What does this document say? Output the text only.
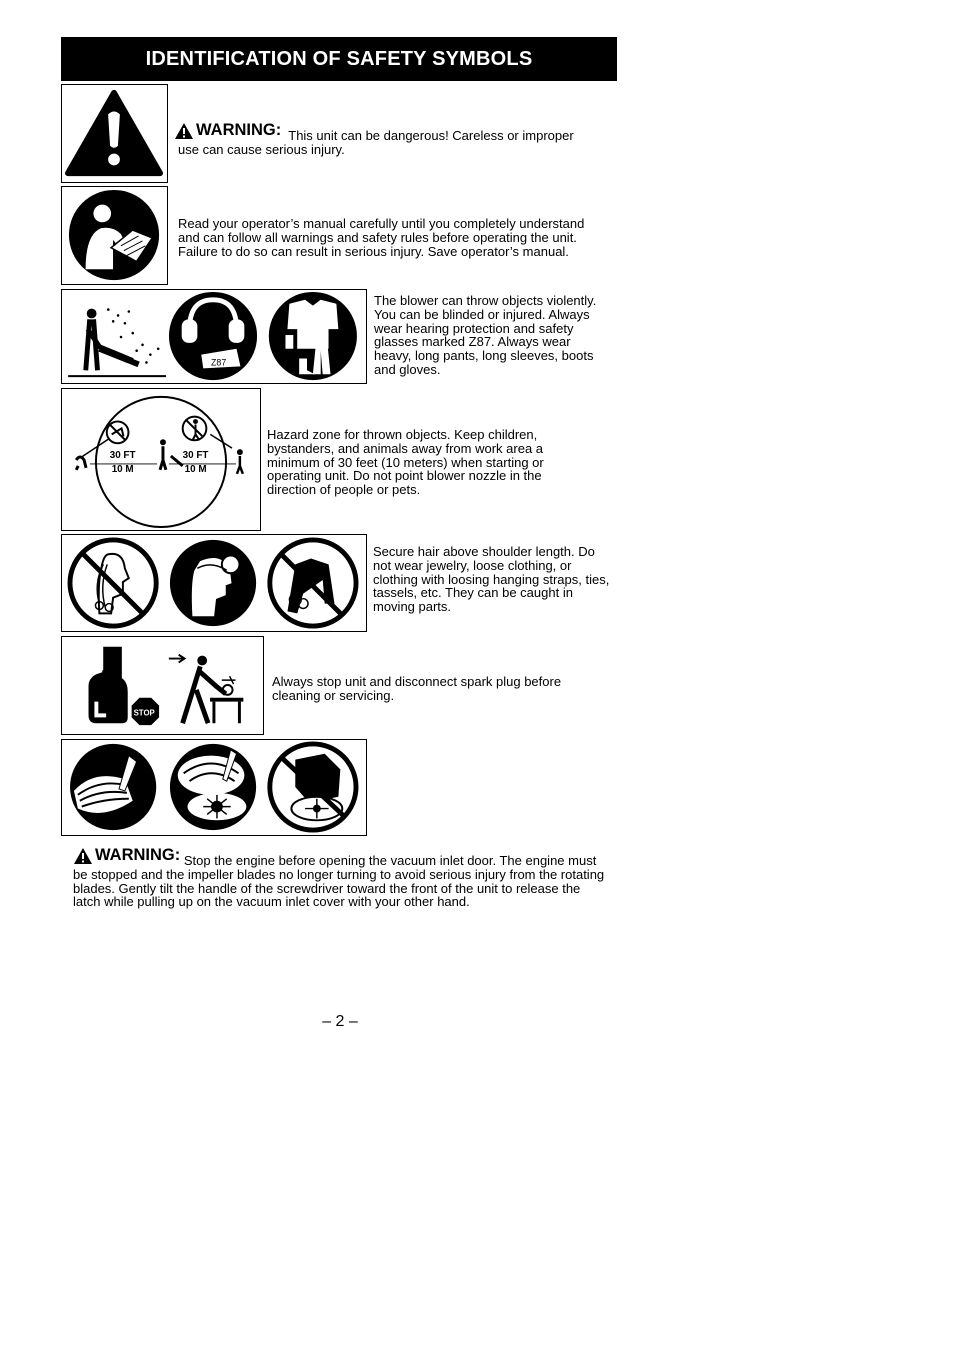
IDENTIFICATION OF SAFETY SYMBOLS
WARNING: This unit can be dangerous! Careless or improper
use can cause serious injury.
Read your operator’s manual carefully until you completely understand and can follow all warnings and safety rules before operating the unit. Failure to do so can result in serious injury. Save operator’s manual.
Z87
The blower can throw objects violently. You can be blinded or injured. Always wear hearing protection and safety glasses marked Z87. Always wear heavy, long pants, long sleeves, boots and gloves.
30 FT
10 M
30 FT
10 M
Hazard zone for thrown objects. Keep children, bystanders, and animals away from work area a minimum of 30 feet (10 meters) when starting or operating unit. Do not point blower nozzle in the direction of people or pets.
Secure hair above shoulder length. Do not wear jewelry, loose clothing, or clothing with loosing hanging straps, ties, tassels, etc. They can be caught in moving parts.
STOP
Always stop unit and disconnect spark plug before cleaning or servicing.
WARNING: Stop the engine before opening the vacuum inlet door. The engine must be stopped and the impeller blades no longer turning to avoid serious injury from the rotating blades. Gently tilt the handle of the screwdriver toward the front of the unit to release the latch while pulling up on the vacuum inlet cover with your other hand.
– 2 –
